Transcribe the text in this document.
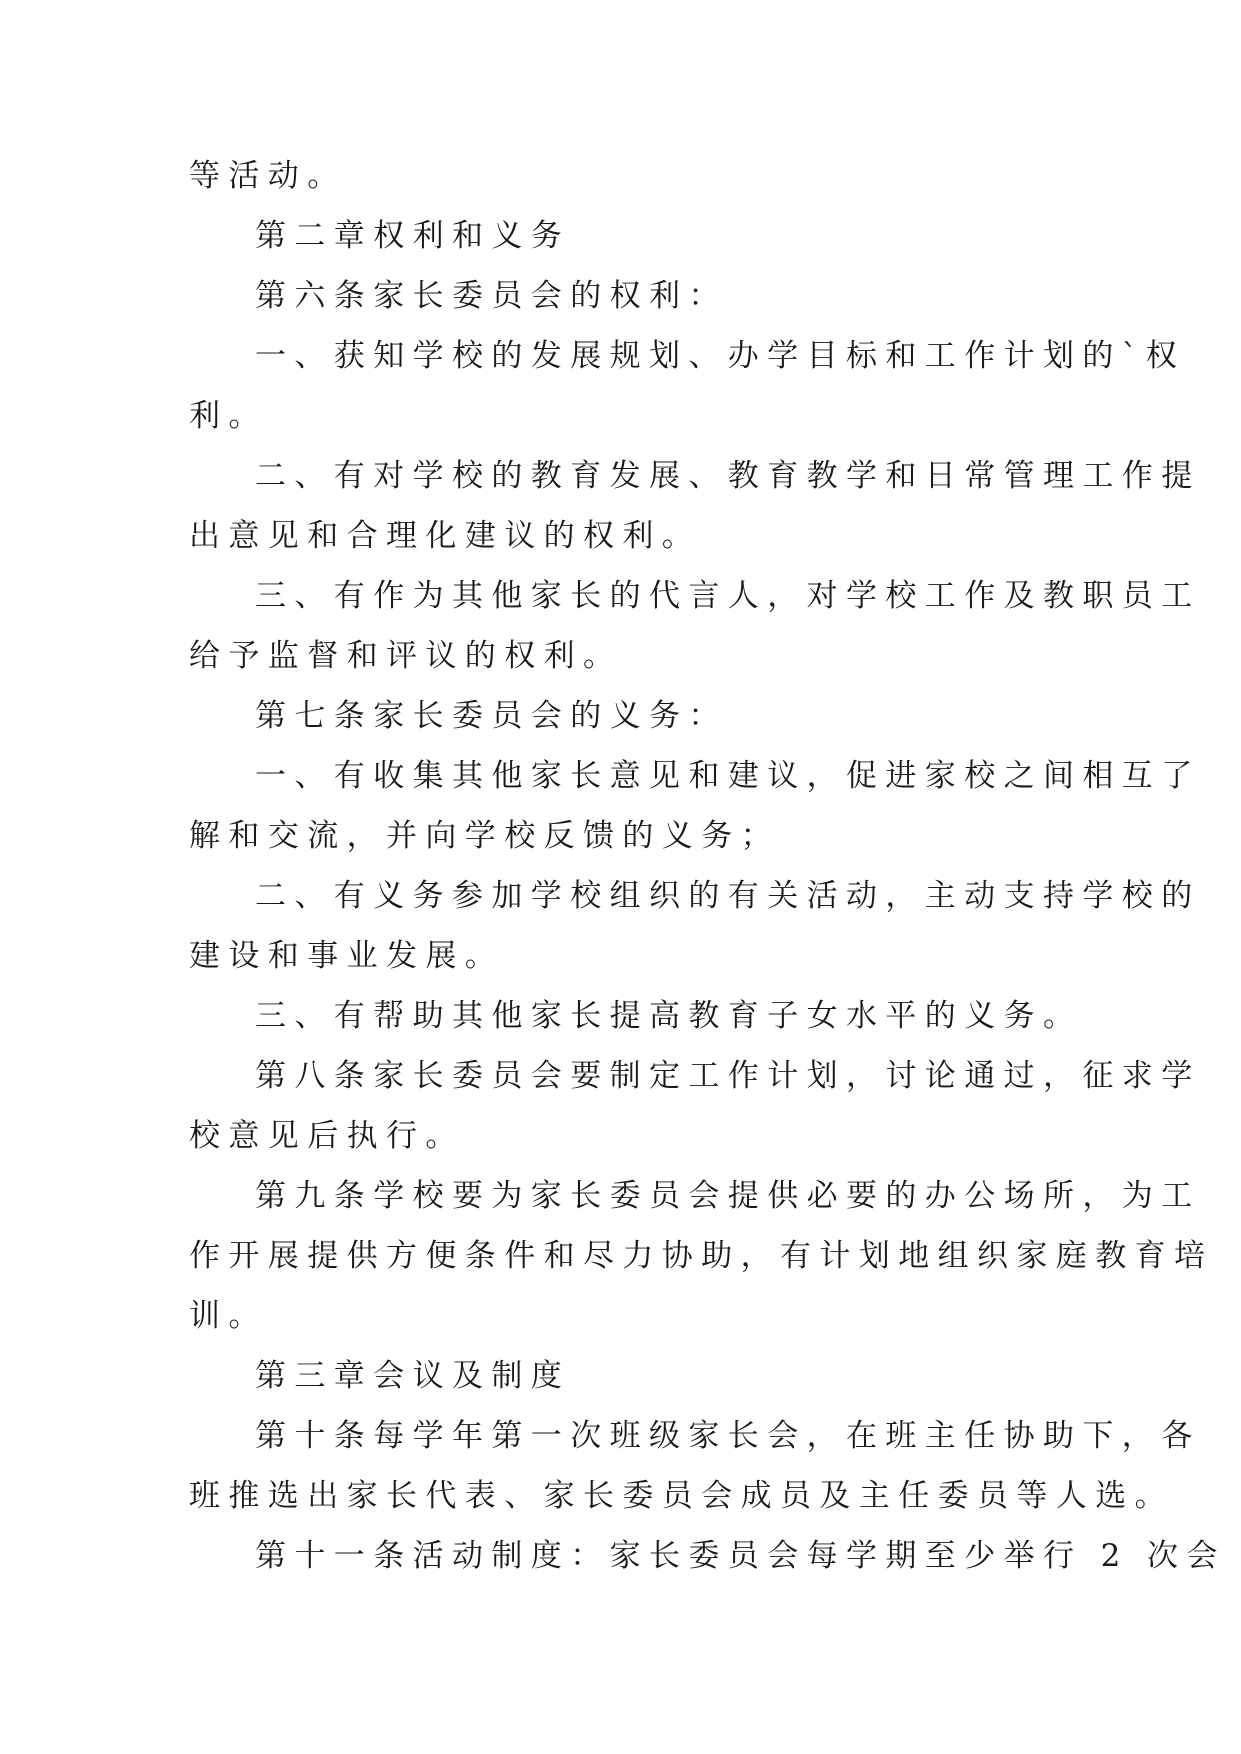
等活动。
第二章权利和义务
第六条家长委员会的权利：
一、获知学校的发展规划、办学目标和工作计划的`权
利。
二、有对学校的教育发展、教育教学和日常管理工作提
出意见和合理化建议的权利。
三、有作为其他家长的代言人，对学校工作及教职员工
给予监督和评议的权利。
第七条家长委员会的义务：
一、有收集其他家长意见和建议，促进家校之间相互了
解和交流，并向学校反馈的义务；
二、有义务参加学校组织的有关活动，主动支持学校的
建设和事业发展。
三、有帮助其他家长提高教育子女水平的义务。
第八条家长委员会要制定工作计划，讨论通过，征求学
校意见后执行。
第九条学校要为家长委员会提供必要的办公场所，为工
作开展提供方便条件和尽力协助，有计划地组织家庭教育培
训。
第三章会议及制度
第十条每学年第一次班级家长会，在班主任协助下，各
班推选出家长代表、家长委员会成员及主任委员等人选。
第十一条活动制度：家长委员会每学期至少举行 2 次会
